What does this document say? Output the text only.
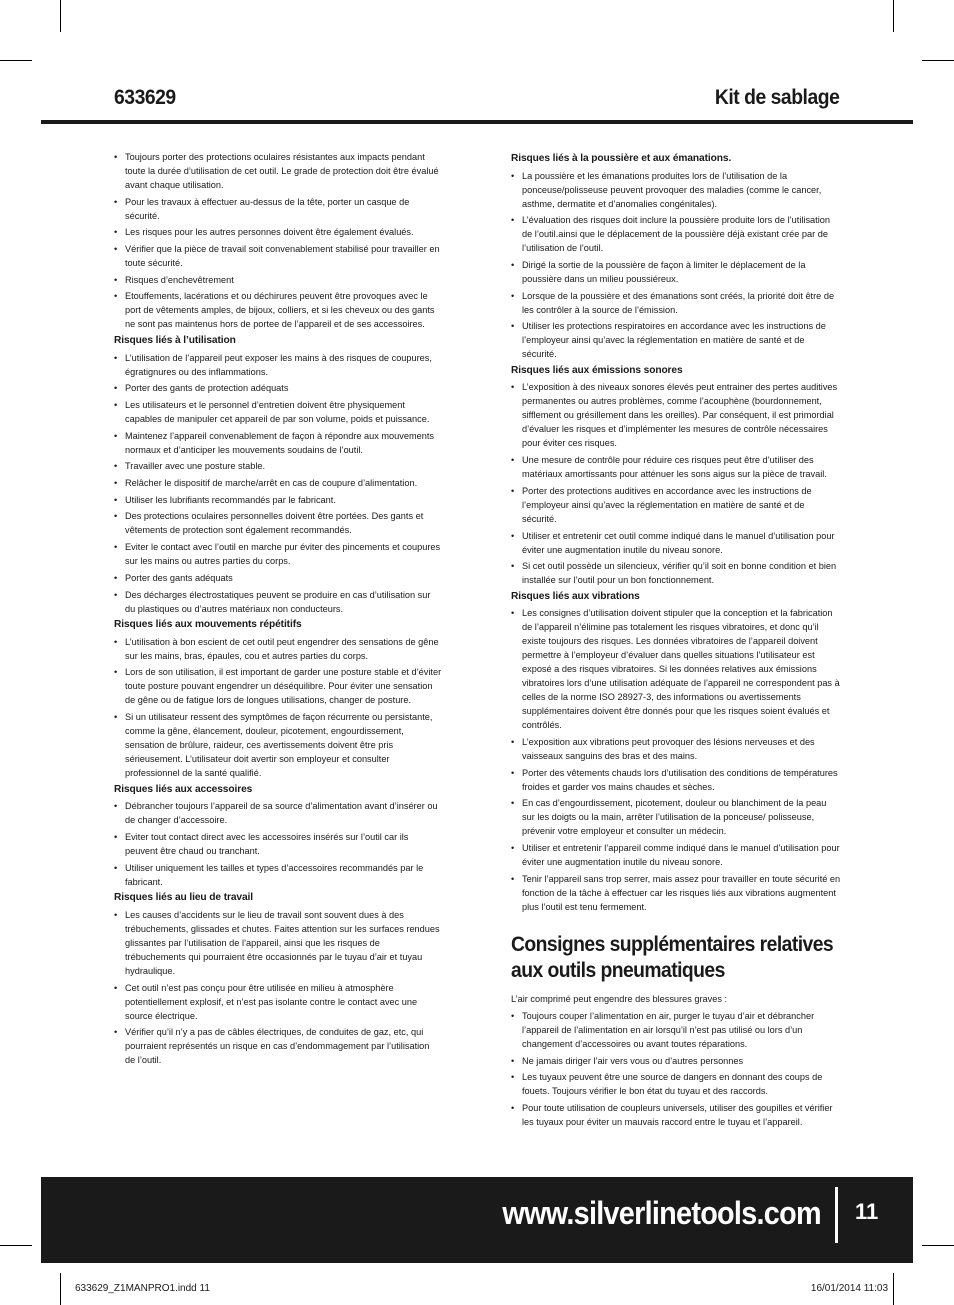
633629	Kit de sablage
• Toujours porter des protections oculaires résistantes aux impacts pendant toute la durée d’utilisation de cet outil. Le grade de protection doit être évalué avant chaque utilisation.
• Pour les travaux à effectuer au-dessus de la tête, porter un casque de sécurité.
• Les risques pour les autres personnes doivent être également évalués.
• Vérifier que la pièce de travail soit convenablement stabilisé pour travailler en toute sécurité.
• Risques d’enchevêtrement
• Etouffements, lacérations et ou déchirures peuvent être provoques avec le port de vêtements amples, de bijoux, colliers, et si les cheveux ou des gants ne sont pas maintenus hors de portee de l’appareil et de ses accessoires.
Risques liés à l’utilisation
• L’utilisation de l’appareil peut exposer les mains à des risques de coupures, égratignures ou des inflammations.
• Porter des gants de protection adéquats
• Les utilisateurs et le personnel d’entretien doivent être physiquement capables de manipuler cet appareil de par son volume, poids et puissance.
• Maintenez l’appareil convenablement de façon à répondre aux mouvements normaux et d’anticiper les mouvements soudains de l’outil.
• Travailler avec une posture stable.
• Relâcher le dispositif de marche/arrêt en cas de coupure d’alimentation.
• Utiliser les lubrifiants recommandés par le fabricant.
• Des protections oculaires personnelles doivent être portées. Des gants et vêtements de protection sont également recommandés.
• Eviter le contact avec l’outil en marche pur éviter des pincements et coupures sur les mains ou autres parties du corps.
• Porter des gants adéquats
• Des décharges électrostatiques peuvent se produire en cas d’utilisation sur du plastiques ou d’autres matériaux non conducteurs.
Risques liés aux mouvements répétitifs
• L’utilisation à bon escient de cet outil peut engendrer des sensations de gêne sur les mains, bras, épaules, cou et autres parties du corps.
• Lors de son utilisation, il est important de garder une posture stable et d’éviter toute posture pouvant engendrer un déséquilibre. Pour éviter une sensation de gêne ou de fatigue lors de longues utilisations, changer de posture.
• Si un utilisateur ressent des symptômes de façon récurrente ou persistante, comme la gêne, élancement, douleur, picotement, engourdissement, sensation de brûlure, raideur, ces avertissements doivent être pris sérieusement. L’utilisateur doit avertir son employeur et consulter professionnel de la santé qualifié.
Risques liés aux accessoires
• Débrancher toujours l’appareil de sa source d’alimentation avant d’insérer ou de changer d’accessoire.
• Eviter tout contact direct avec les accessoires insérés sur l’outil car ils peuvent être chaud ou tranchant.
• Utiliser uniquement les tailles et types d’accessoires recommandés par le fabricant.
Risques liés au lieu de travail
• Les causes d’accidents sur le lieu de travail sont souvent dues à des trébuchements, glissades et chutes. Faites attention sur les surfaces rendues glissantes par l’utilisation de l’appareil, ainsi que les risques de trébuchements qui pourraient être occasionnés par le tuyau d’air et tuyau hydraulique.
• Cet outil n’est pas conçu pour être utilisée en milieu à atmosphère potentiellement explosif, et n’est pas isolante contre le contact avec une source électrique.
• Vérifier qu’il n’y a pas de câbles électriques, de conduites de gaz, etc, qui pourraient représentés un risque en cas d’endommagement par l’utilisation de l’outil.
Risques liés à la poussière et aux émanations.
• La poussière et les émanations produites lors de l’utilisation de la ponceuse/polisseuse peuvent provoquer des maladies (comme le cancer, asthme, dermatite et d’anomalies congénitales).
• L’évaluation des risques doit inclure la poussière produite lors de l’utilisation de l’outil.ainsi que le déplacement de la poussière déjà existant crée par de l’utilisation de l’outil.
• Dirigé la sortie de la poussière de façon à limiter le déplacement de la poussière dans un milieu poussiéreux.
• Lorsque de la poussière et des émanations sont créés, la priorité doit être de les contrôler à la source de l’émission.
• Utiliser les protections respiratoires en accordance avec les instructions de l’employeur ainsi qu’avec la réglementation en matière de santé et de sécurité.
Risques liés aux émissions sonores
• L’exposition à des niveaux sonores élevés peut entrainer des pertes auditives permanentes ou autres problèmes, comme l’acouphène (bourdonnement, sifflement ou grésillement dans les oreilles). Par conséquent, il est primordial d’évaluer les risques et d’implémenter les mesures de contrôle nécessaires pour éviter ces risques.
• Une mesure de contrôle pour réduire ces risques peut être d’utiliser des matériaux amortissants pour atténuer les sons aigus sur la pièce de travail.
• Porter des protections auditives en accordance avec les instructions de l’employeur ainsi qu’avec la réglementation en matière de santé et de sécurité.
• Utiliser et entretenir cet outil comme indiqué dans le manuel d’utilisation pour éviter une augmentation inutile du niveau sonore.
• Si cet outil possède un silencieux, vérifier qu’il soit en bonne condition et bien installée sur l’outil pour un bon fonctionnement.
Risques liés aux vibrations
• Les consignes d’utilisation doivent stipuler que la conception et la fabrication de l’appareil n’élimine pas totalement les risques vibratoires, et donc qu’il existe toujours des risques. Les données vibratoires de l’appareil doivent permettre à l’employeur d’évaluer dans quelles situations l’utilisateur est exposé a des risques vibratoires. Si les données relatives aux émissions vibratoires lors d’une utilisation adéquate de l’appareil ne correspondent pas à celles de la norme ISO 28927-3, des informations ou avertissements supplémentaires doivent être donnés pour que les risques soient évalués et contrôlés.
• L’exposition aux vibrations peut provoquer des lésions nerveuses et des vaisseaux sanguins des bras et des mains.
• Porter des vêtements chauds lors d’utilisation des conditions de températures froides et garder vos mains chaudes et sèches.
• En cas d’engourdissement, picotement, douleur ou blanchiment de la peau sur les doigts ou la main, arrêter l’utilisation de la ponceuse/ polisseuse, prévenir votre employeur et consulter un médecin.
• Utiliser et entretenir l’appareil comme indiqué dans le manuel d’utilisation pour éviter une augmentation inutile du niveau sonore.
• Tenir l’appareil sans trop serrer, mais assez pour travailler en toute sécurité en fonction de la tâche à effectuer car les risques liés aux vibrations augmentent plus l’outil est tenu fermement.
Consignes supplémentaires relatives aux outils pneumatiques
L’air comprimé peut engendre des blessures graves :
• Toujours couper l’alimentation en air, purger le tuyau d’air et débrancher l’appareil de l’alimentation en air lorsqu’il n’est pas utilisé ou lors d’un changement d’accessoires ou avant toutes réparations.
• Ne jamais diriger l’air vers vous ou d’autres personnes
• Les tuyaux peuvent être une source de dangers en donnant des coups de fouets. Toujours vérifier le bon état du tuyau et des raccords.
• Pour toute utilisation de coupleurs universels, utiliser des goupilles et vérifier les tuyaux pour éviter un mauvais raccord entre le tuyau et l’appareil.
www.silverlinetools.com 11
633629_Z1MANPRO1.indd 11	16/01/2014 11:03
